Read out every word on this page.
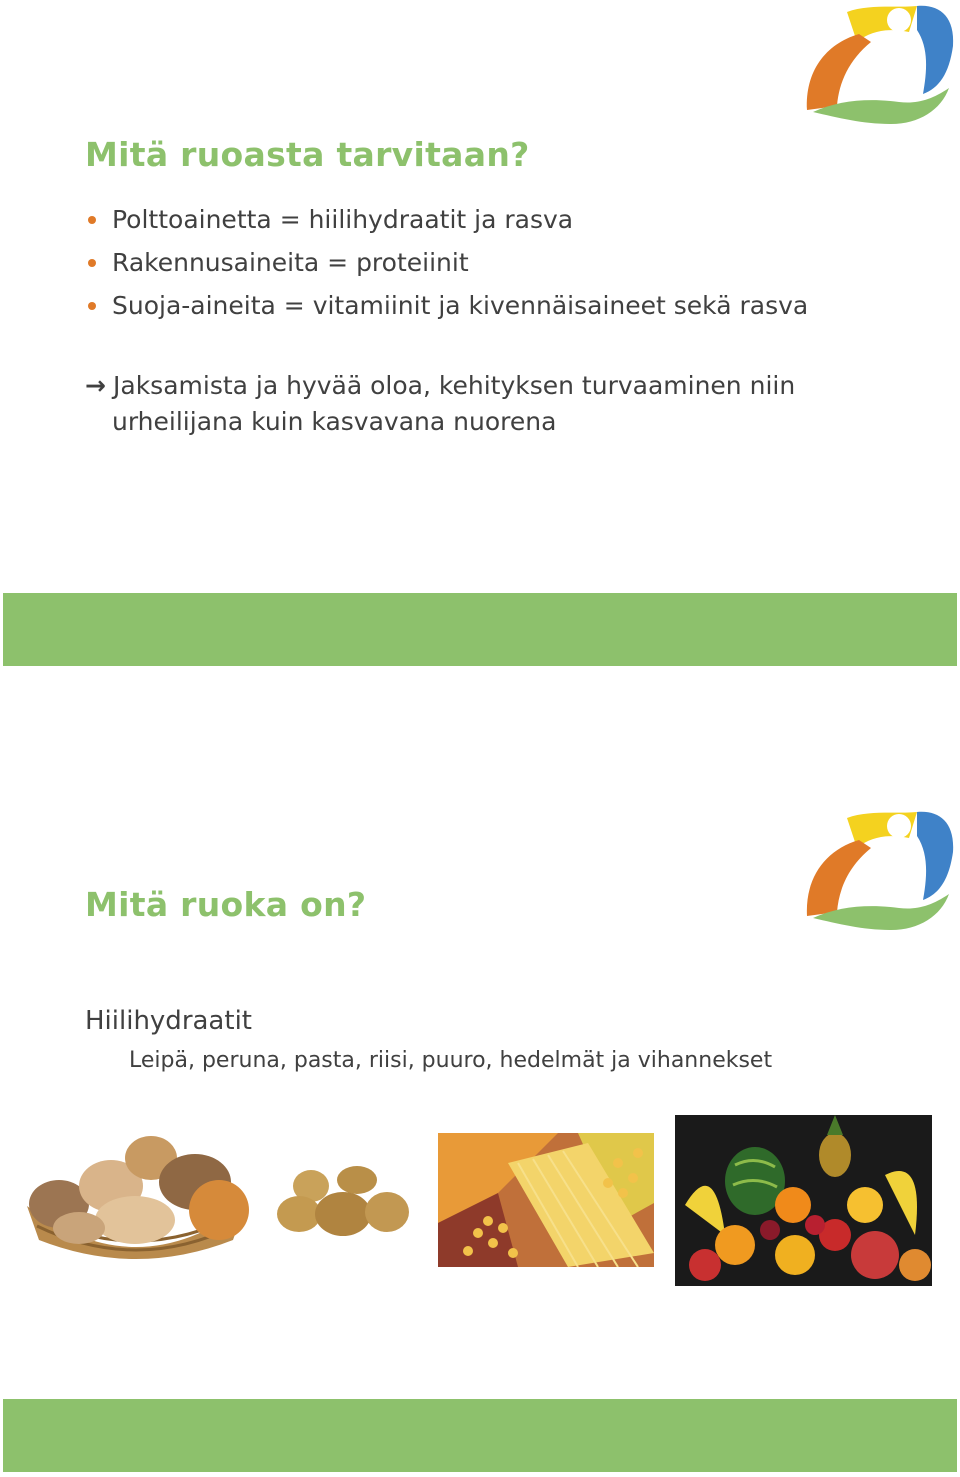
Mitä ruoasta tarvitaan?
Polttoainetta = hiilihydraatit ja rasva
Rakennusaineita = proteiinit
Suoja-aineita = vitamiinit ja kivennäisaineet sekä rasva
→ Jaksamista ja hyvää oloa, kehityksen turvaaminen niin
urheilijana kuin kasvavana nuorena
Mitä ruoka on?
Hiilihydraatit
Leipä, peruna, pasta, riisi, puuro, hedelmät ja vihannekset
